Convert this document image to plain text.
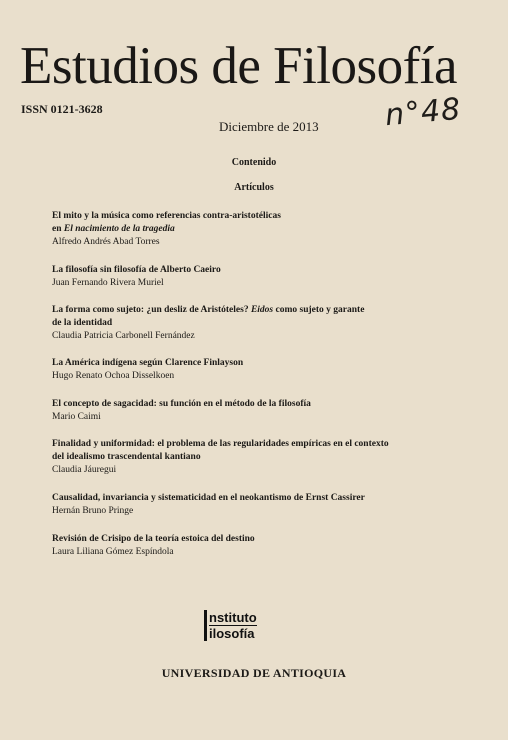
Estudios de Filosofía
n°48
ISSN 0121-3628
Diciembre de 2013
Contenido
Artículos
El mito y la música como referencias contra-aristotélicas
en El nacimiento de la tragedia
Alfredo Andrés Abad Torres
La filosofía sin filosofía de Alberto Caeiro
Juan Fernando Rivera Muriel
La forma como sujeto: ¿un desliz de Aristóteles? Eidos como sujeto y garante
de la identidad
Claudia Patricia Carbonell Fernández
La América indígena según Clarence Finlayson
Hugo Renato Ochoa Disselkoen
El concepto de sagacidad: su función en el método de la filosofía
Mario Caimi
Finalidad y uniformidad: el problema de las regularidades empíricas en el contexto
del idealismo trascendental kantiano
Claudia Jáuregui
Causalidad, invariancia y sistematicidad en el neokantismo de Ernst Cassirer
Hernán Bruno Pringe
Revisión de Crisipo de la teoría estoica del destino
Laura Liliana Gómez Espíndola
nstituto
ilosofía
UNIVERSIDAD DE ANTIOQUIA
